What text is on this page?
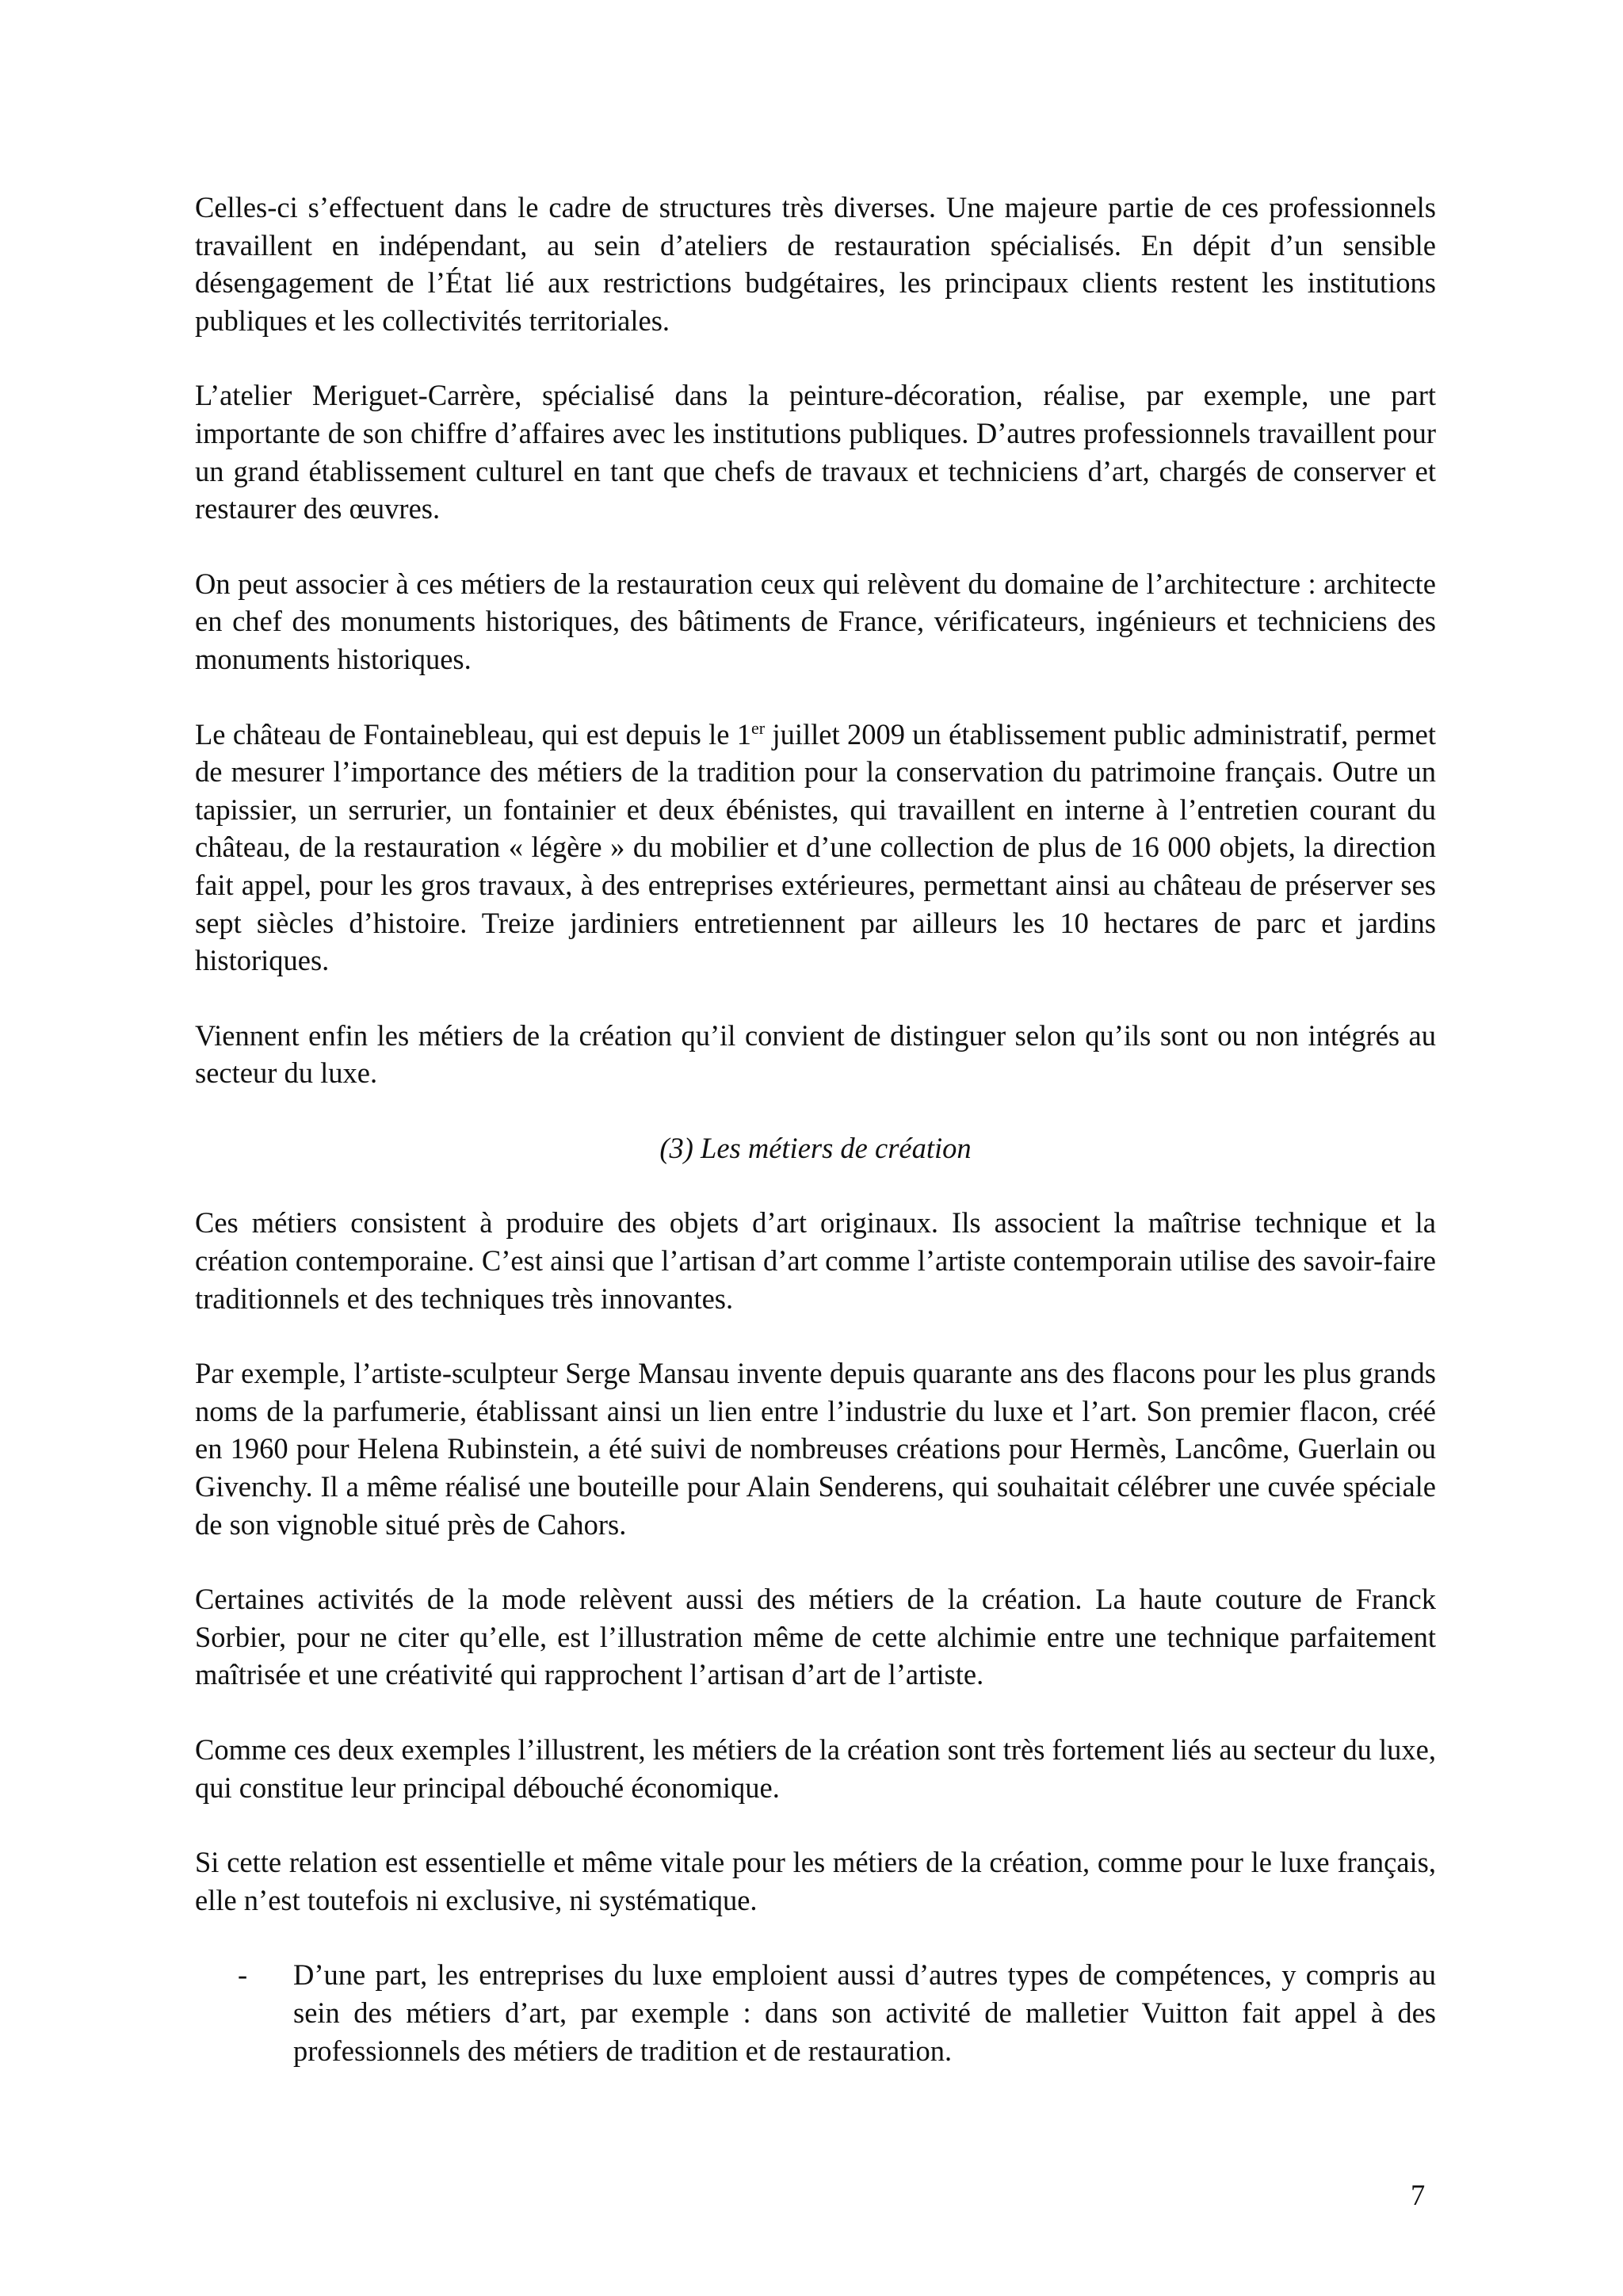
Celles-ci s’effectuent dans le cadre de structures très diverses. Une majeure partie de ces professionnels travaillent en indépendant, au sein d’ateliers de restauration spécialisés. En dépit d’un sensible désengagement de l’État lié aux restrictions budgétaires, les principaux clients restent les institutions publiques et les collectivités territoriales.

L’atelier Meriguet-Carrère, spécialisé dans la peinture-décoration, réalise, par exemple, une part importante de son chiffre d’affaires avec les institutions publiques. D’autres professionnels travaillent pour un grand établissement culturel en tant que chefs de travaux et techniciens d’art, chargés de conserver et restaurer des œuvres.

On peut associer à ces métiers de la restauration ceux qui relèvent du domaine de l’architecture : architecte en chef des monuments historiques, des bâtiments de France, vérificateurs, ingénieurs et techniciens des monuments historiques.

Le château de Fontainebleau, qui est depuis le 1er juillet 2009 un établissement public administratif, permet de mesurer l’importance des métiers de la tradition pour la conservation du patrimoine français. Outre un tapissier, un serrurier, un fontainier et deux ébénistes, qui travaillent en interne à l’entretien courant du château, de la restauration « légère » du mobilier et d’une collection de plus de 16 000 objets, la direction fait appel, pour les gros travaux, à des entreprises extérieures, permettant ainsi au château de préserver ses sept siècles d’histoire. Treize jardiniers entretiennent par ailleurs les 10 hectares de parc et jardins historiques.

Viennent enfin les métiers de la création qu’il convient de distinguer selon qu’ils sont ou non intégrés au secteur du luxe.

(3) Les métiers de création

Ces métiers consistent à produire des objets d’art originaux. Ils associent la maîtrise technique et la création contemporaine. C’est ainsi que l’artisan d’art comme l’artiste contemporain utilise des savoir-faire traditionnels et des techniques très innovantes.

Par exemple, l’artiste-sculpteur Serge Mansau invente depuis quarante ans des flacons pour les plus grands noms de la parfumerie, établissant ainsi un lien entre l’industrie du luxe et l’art. Son premier flacon, créé en 1960 pour Helena Rubinstein, a été suivi de nombreuses créations pour Hermès, Lancôme, Guerlain ou Givenchy. Il a même réalisé une bouteille pour Alain Senderens, qui souhaitait célébrer une cuvée spéciale de son vignoble situé près de Cahors.

Certaines activités de la mode relèvent aussi des métiers de la création. La haute couture de Franck Sorbier, pour ne citer qu’elle, est l’illustration même de cette alchimie entre une technique parfaitement maîtrisée et une créativité qui rapprochent l’artisan d’art de l’artiste.

Comme ces deux exemples l’illustrent, les métiers de la création sont très fortement liés au secteur du luxe, qui constitue leur principal débouché économique.

Si cette relation est essentielle et même vitale pour les métiers de la création, comme pour le luxe français, elle n’est toutefois ni exclusive, ni systématique.

- D’une part, les entreprises du luxe emploient aussi d’autres types de compétences, y compris au sein des métiers d’art, par exemple : dans son activité de malletier Vuitton fait appel à des professionnels des métiers de tradition et de restauration.
7
